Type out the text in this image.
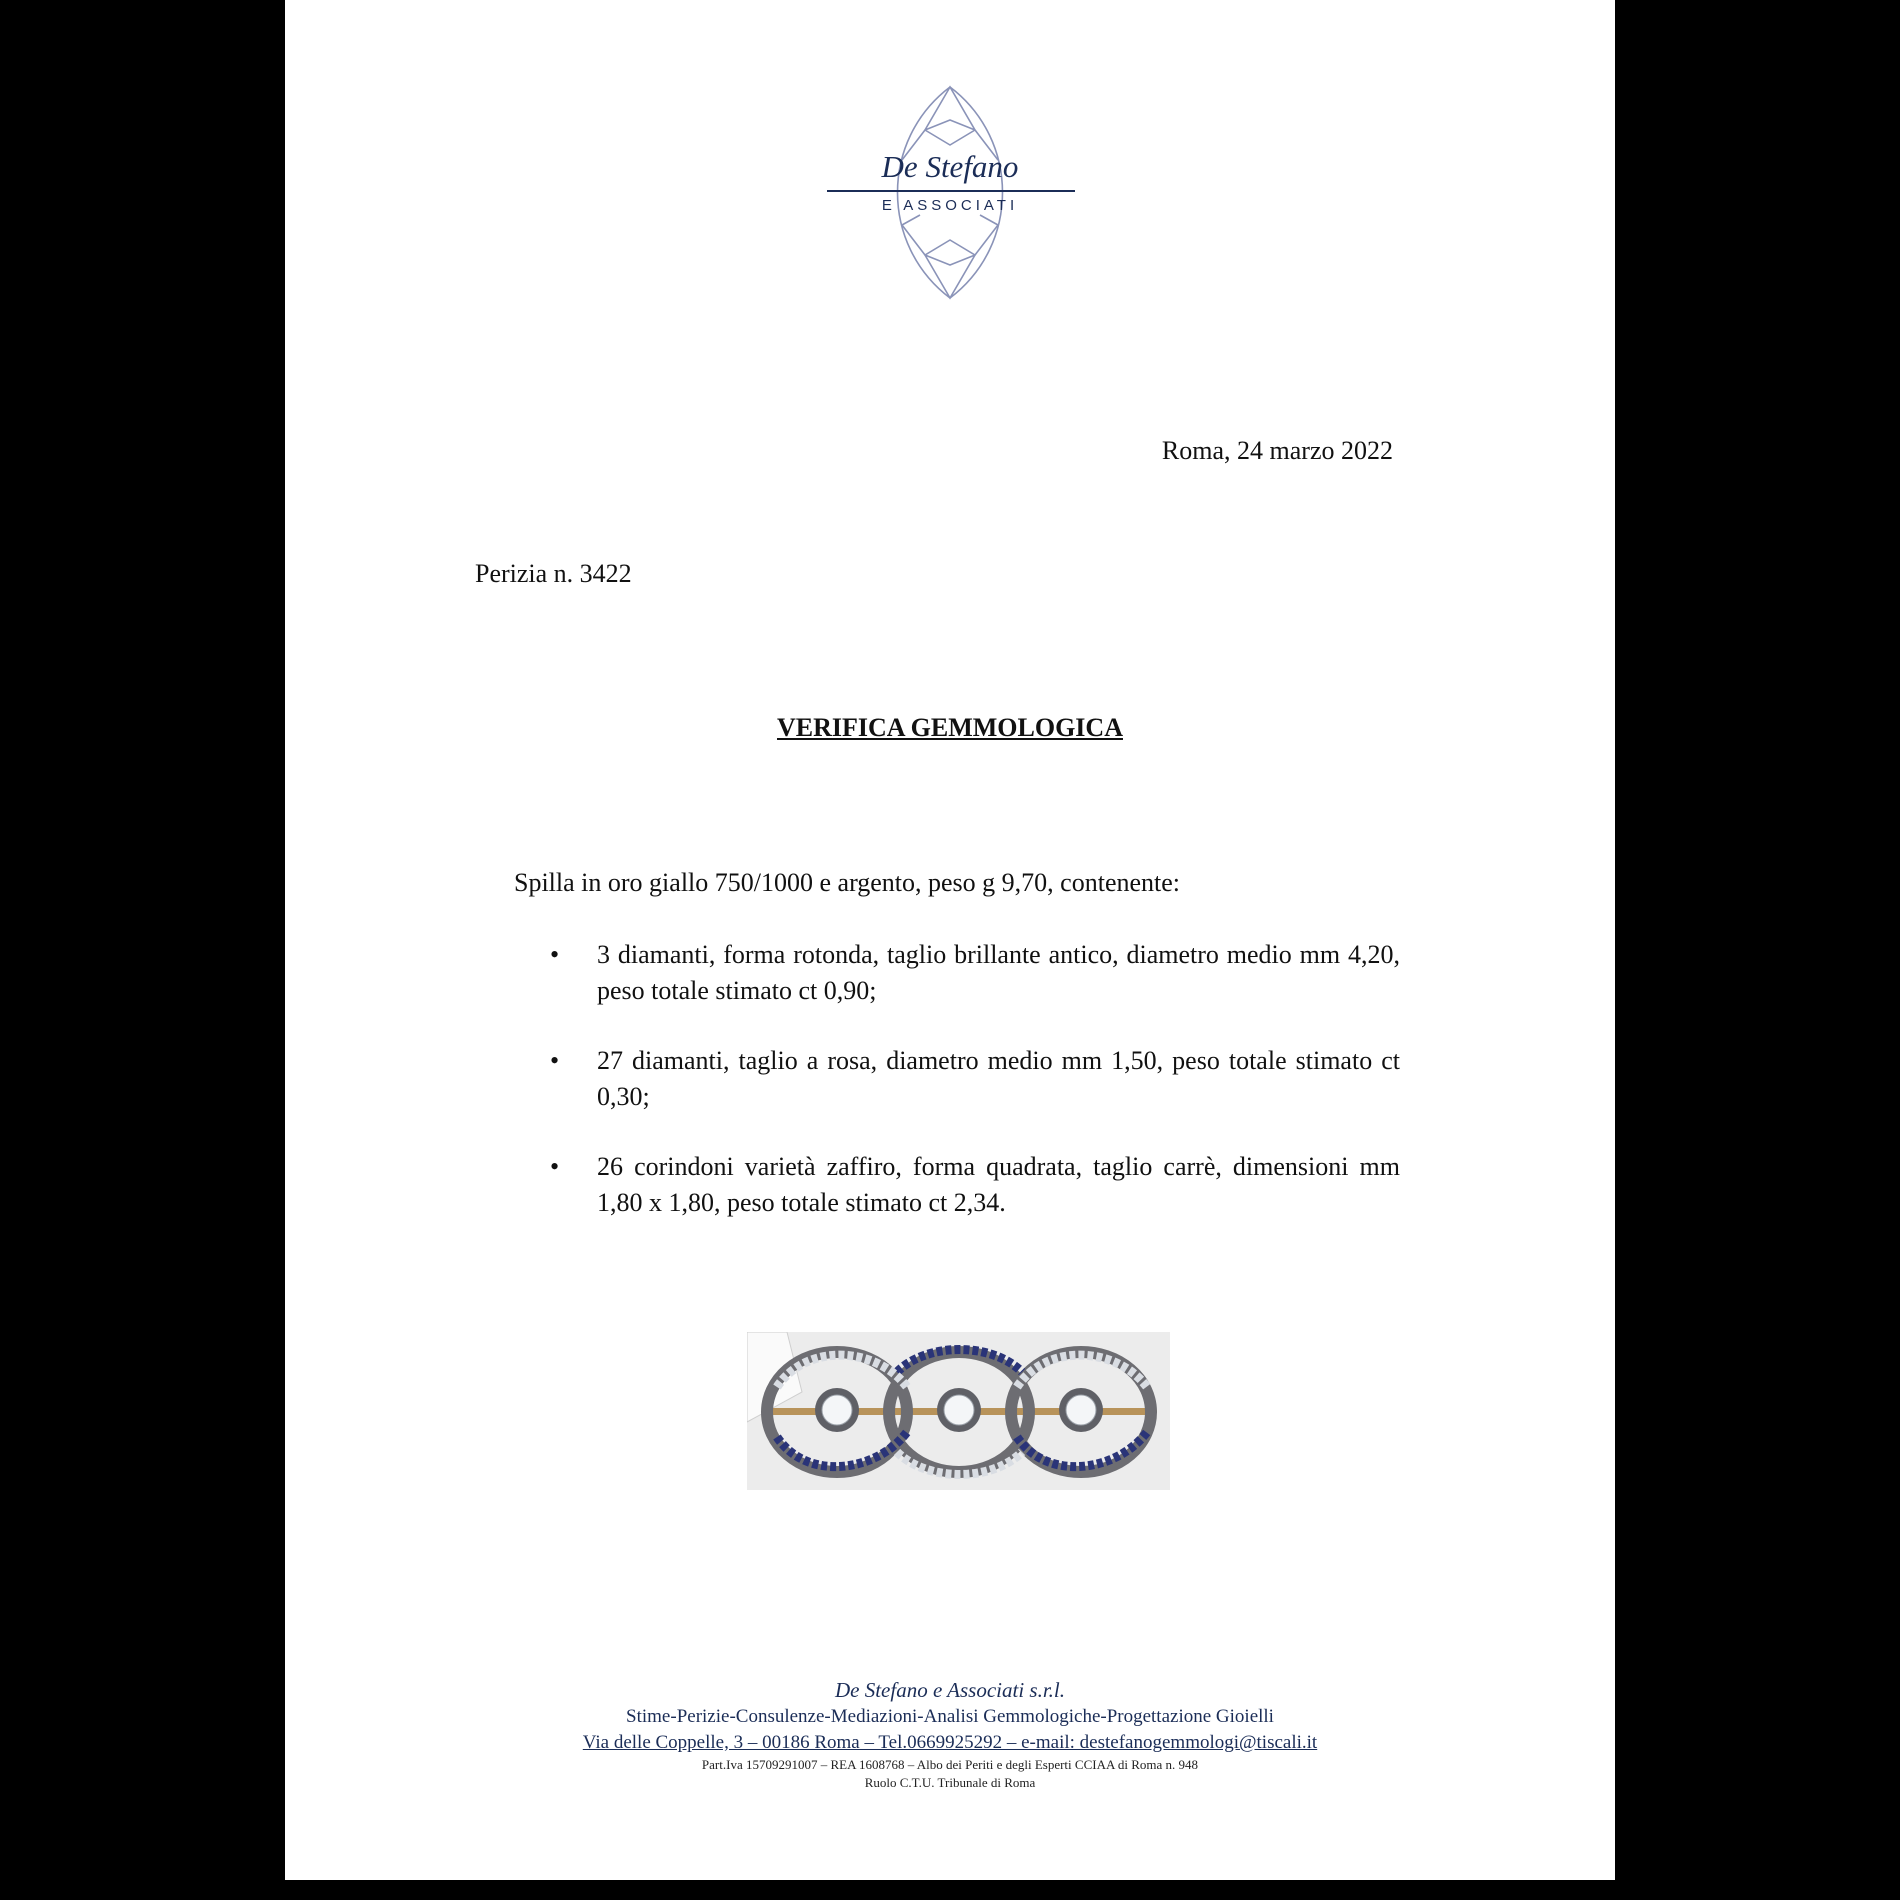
De Stefano
E ASSOCIATI
Roma, 24 marzo 2022
Perizia n. 3422
VERIFICA GEMMOLOGICA
Spilla in oro giallo 750/1000 e argento, peso g 9,70, contenente:
• 3 diamanti, forma rotonda, taglio brillante antico, diametro medio mm 4,20, peso totale stimato ct 0,90;
• 27 diamanti, taglio a rosa, diametro medio mm 1,50, peso totale stimato ct 0,30;
• 26 corindoni varietà zaffiro, forma quadrata, taglio carrè, dimensioni mm 1,80 x 1,80, peso totale stimato ct 2,34.
De Stefano e Associati s.r.l.
Stime-Perizie-Consulenze-Mediazioni-Analisi Gemmologiche-Progettazione Gioielli
Via delle Coppelle, 3 – 00186 Roma – Tel.0669925292 – e-mail: destefanogemmologi@tiscali.it
Part.Iva 15709291007 – REA 1608768 – Albo dei Periti e degli Esperti CCIAA di Roma n. 948
Ruolo C.T.U. Tribunale di Roma
